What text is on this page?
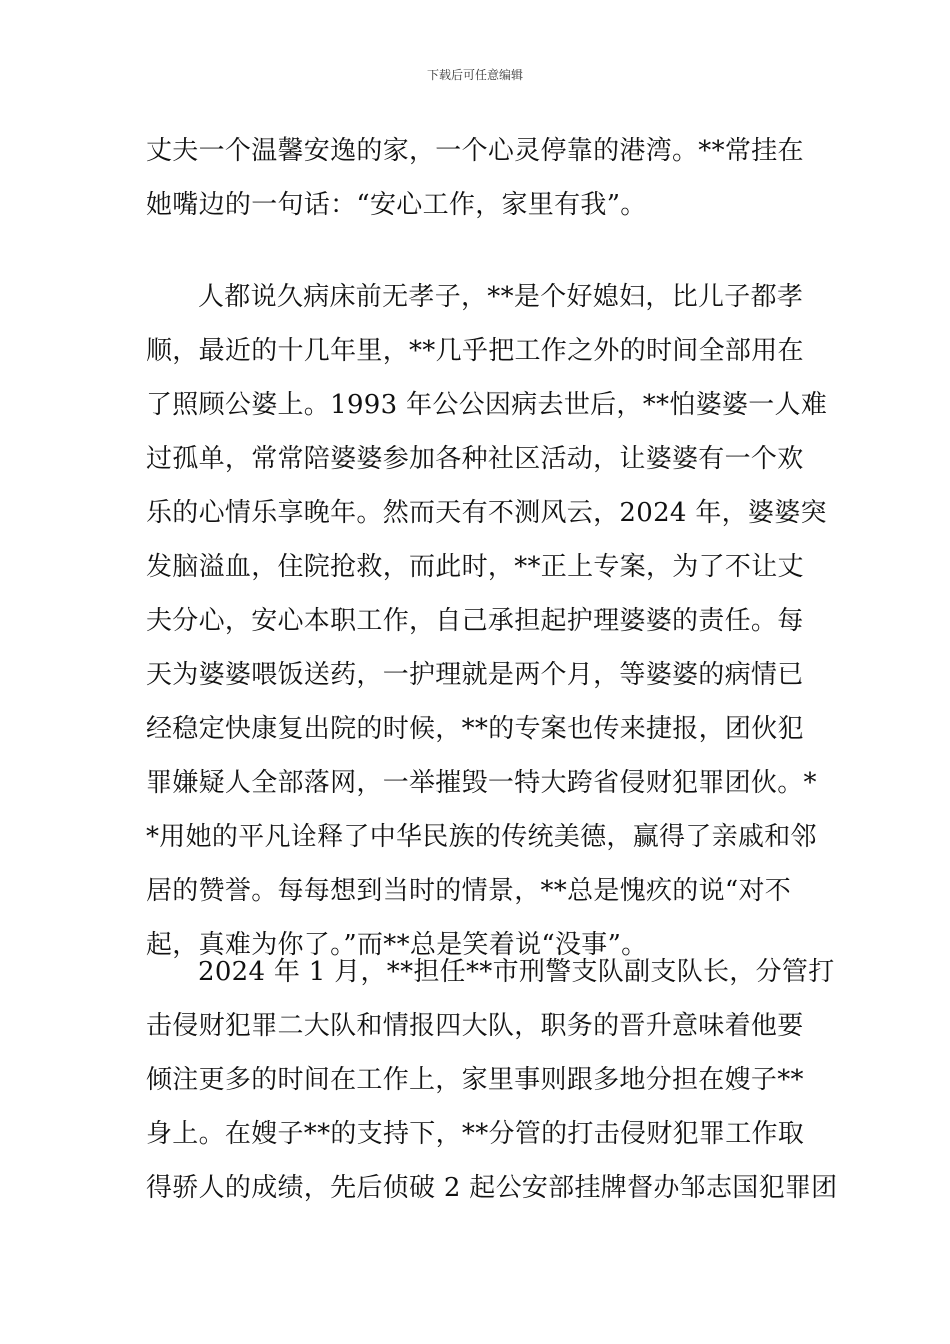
下载后可任意编辑
丈夫一个温馨安逸的家，一个心灵停靠的港湾。**常挂在
她嘴边的一句话：“安心工作，家里有我”。
人都说久病床前无孝子，**是个好媳妇，比儿子都孝
顺，最近的十几年里，**几乎把工作之外的时间全部用在
了照顾公婆上。1993 年公公因病去世后，**怕婆婆一人难
过孤单，常常陪婆婆参加各种社区活动，让婆婆有一个欢
乐的心情乐享晚年。然而天有不测风云，2024 年，婆婆突
发脑溢血，住院抢救，而此时，**正上专案，为了不让丈
夫分心，安心本职工作，自己承担起护理婆婆的责任。每
天为婆婆喂饭送药，一护理就是两个月，等婆婆的病情已
经稳定快康复出院的时候，**的专案也传来捷报，团伙犯
罪嫌疑人全部落网，一举摧毁一特大跨省侵财犯罪团伙。*
*用她的平凡诠释了中华民族的传统美德，赢得了亲戚和邻
居的赞誉。每每想到当时的情景，**总是愧疚的说“对不
起，真难为你了。”而**总是笑着说“没事”。
2024 年 1 月，**担任**市刑警支队副支队长，分管打
击侵财犯罪二大队和情报四大队，职务的晋升意味着他要
倾注更多的时间在工作上，家里事则跟多地分担在嫂子**
身上。在嫂子**的支持下，**分管的打击侵财犯罪工作取
得骄人的成绩，先后侦破 2 起公安部挂牌督办邹志国犯罪团
